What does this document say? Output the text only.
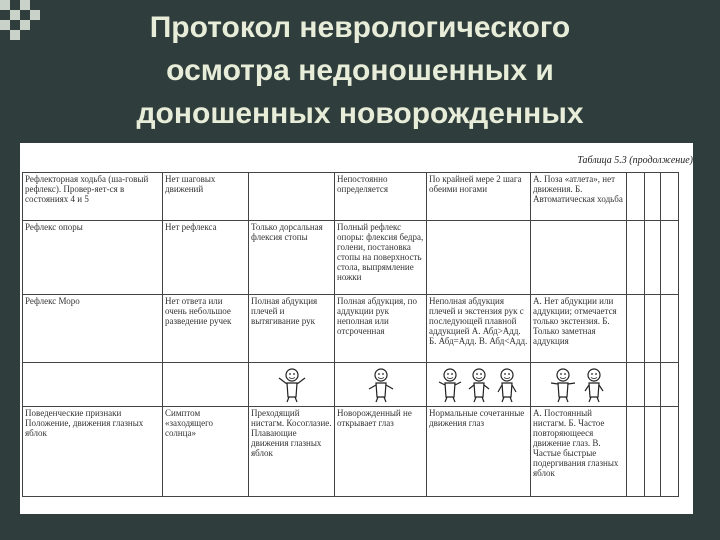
Протокол неврологического
осмотра недоношенных и
доношенных новорожденных
Таблица 5.3 (продолжение)
Рефлекторная ходьба (ша-говый рефлекс). Провер-яет-ся в состояниях 4 и 5	Нет шаговых движений		Непостоянно определяется	По крайней мере 2 шага обеими ногами	А. Поза «атлета», нет движения. Б. Автоматическая ходьба			
Рефлекс опоры	Нет рефлекса	Только дорсальная флексия стопы	Полный рефлекс опоры: флексия бедра, голени, постановка стопы на поверхность стола, выпрямление ножки					
Рефлекс Моро	Нет ответа или очень небольшое разведение ручек	Полная абдукция плечей и вытягивание рук	Полная абдукция, по аддукции рук неполная или отсроченная	Неполная абдукция плечей и экстензия рук с последующей плавной аддукцией А. Абд>Адд. Б. Абд=Адд. В. Абд<Адд.	А. Нет абдукции или аддукции; отмечается только экстензия. Б. Только заметная аддукция			

Поведенческие признаки Положение, движения глазных яблок	Симптом «заходящего солнца»	Преходящий нистагм. Косоглазие. Плавающие движения глазных яблок	Новорожденный не открывает глаз	Нормальные сочетанные движения глаз	А. Постоянный нистагм. Б. Частое повторяющееся движение глаз. В. Частые быстрые подергивания глазных яблок			
